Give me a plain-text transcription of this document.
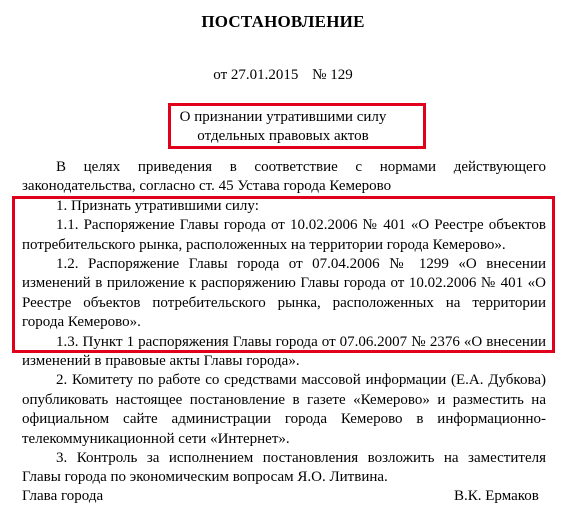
ПОСТАНОВЛЕНИЕ
от 27.01.2015 № 129
О признании утратившими силу
отдельных правовых актов
В целях приведения в соответствие с нормами действующего
законодательства, согласно ст. 45 Устава города Кемерово
1. Признать утратившими силу:
1.1. Распоряжение Главы города от 10.02.2006 № 401 «О Реестре объектов
потребительского рынка, расположенных на территории города Кемерово».
1.2. Распоряжение Главы города от 07.04.2006 № 1299 «О внесении
изменений в приложение к распоряжению Главы города от 10.02.2006 № 401 «О
Реестре объектов потребительского рынка, расположенных на территории
города Кемерово».
1.3. Пункт 1 распоряжения Главы города от 07.06.2007 № 2376 «О внесении
изменений в правовые акты Главы города».
2. Комитету по работе со средствами массовой информации (Е.А. Дубкова)
опубликовать настоящее постановление в газете «Кемерово» и разместить на
официальном сайте администрации города Кемерово в информационно-
телекоммуникационной сети «Интернет».
3. Контроль за исполнением постановления возложить на заместителя
Главы города по экономическим вопросам Я.О. Литвина.
Глава города	В.К. Ермаков
